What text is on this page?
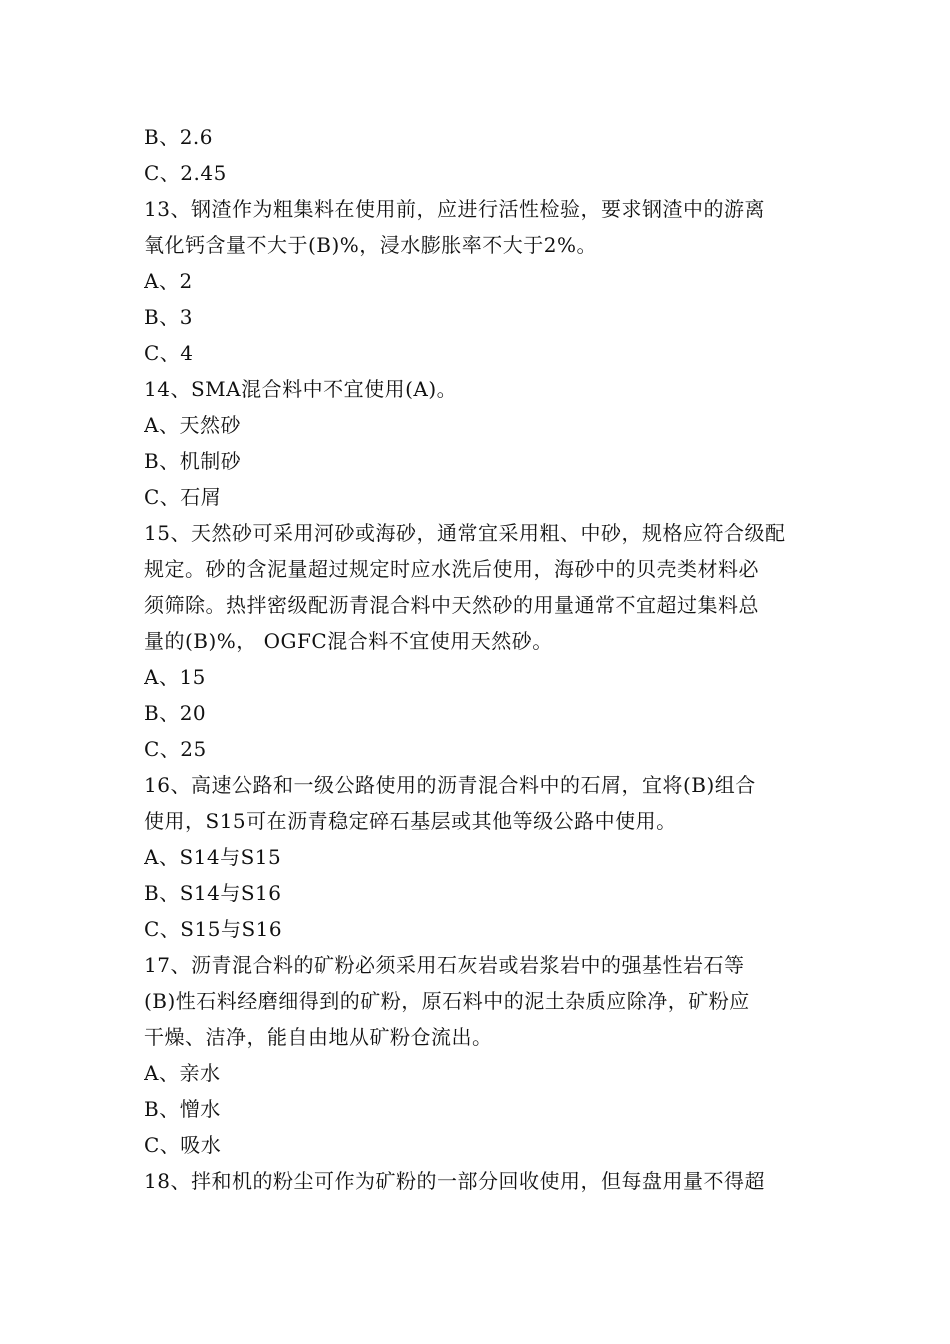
B、2.6
C、2.45
13、钢渣作为粗集料在使用前，应进行活性检验，要求钢渣中的游离
氧化钙含量不大于(B)%，浸水膨胀率不大于2%。
A、2
B、3
C、4
14、SMA混合料中不宜使用(A)。
A、天然砂
B、机制砂
C、石屑
15、天然砂可采用河砂或海砂，通常宜采用粗、中砂，规格应符合级配
规定。砂的含泥量超过规定时应水洗后使用，海砂中的贝壳类材料必
须筛除。热拌密级配沥青混合料中天然砂的用量通常不宜超过集料总
量的(B)%， OGFC混合料不宜使用天然砂。
A、15
B、20
C、25
16、高速公路和一级公路使用的沥青混合料中的石屑，宜将(B)组合
使用，S15可在沥青稳定碎石基层或其他等级公路中使用。
A、S14与S15
B、S14与S16
C、S15与S16
17、沥青混合料的矿粉必须采用石灰岩或岩浆岩中的强基性岩石等
(B)性石料经磨细得到的矿粉，原石料中的泥土杂质应除净，矿粉应
干燥、洁净，能自由地从矿粉仓流出。
A、亲水
B、憎水
C、吸水
18、拌和机的粉尘可作为矿粉的一部分回收使用，但每盘用量不得超
